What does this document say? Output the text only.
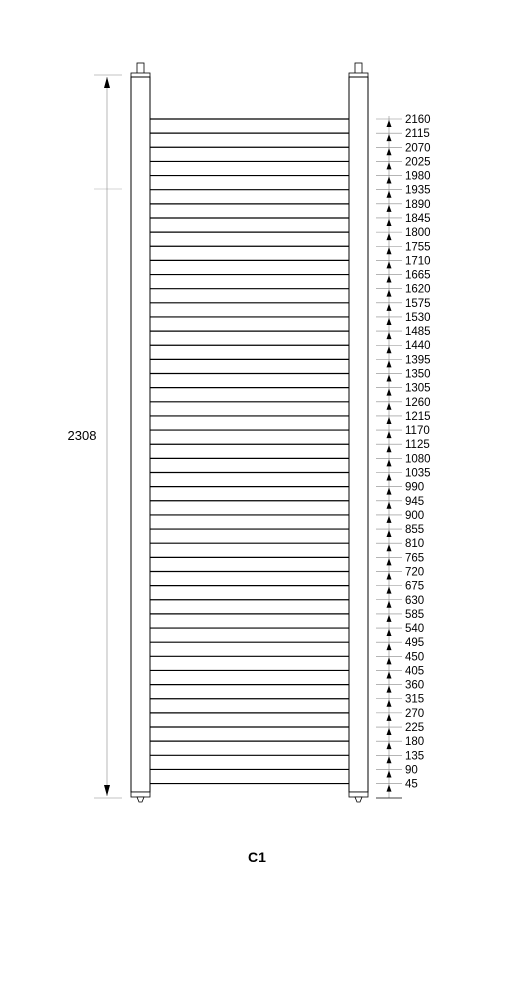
2308
2160
2115
2070
2025
1980
1935
1890
1845
1800
1755
1710
1665
1620
1575
1530
1485
1440
1395
1350
1305
1260
1215
1170
1125
1080
1035
990
945
900
855
810
765
720
675
630
585
540
495
450
405
360
315
270
225
180
135
90
45
C1
